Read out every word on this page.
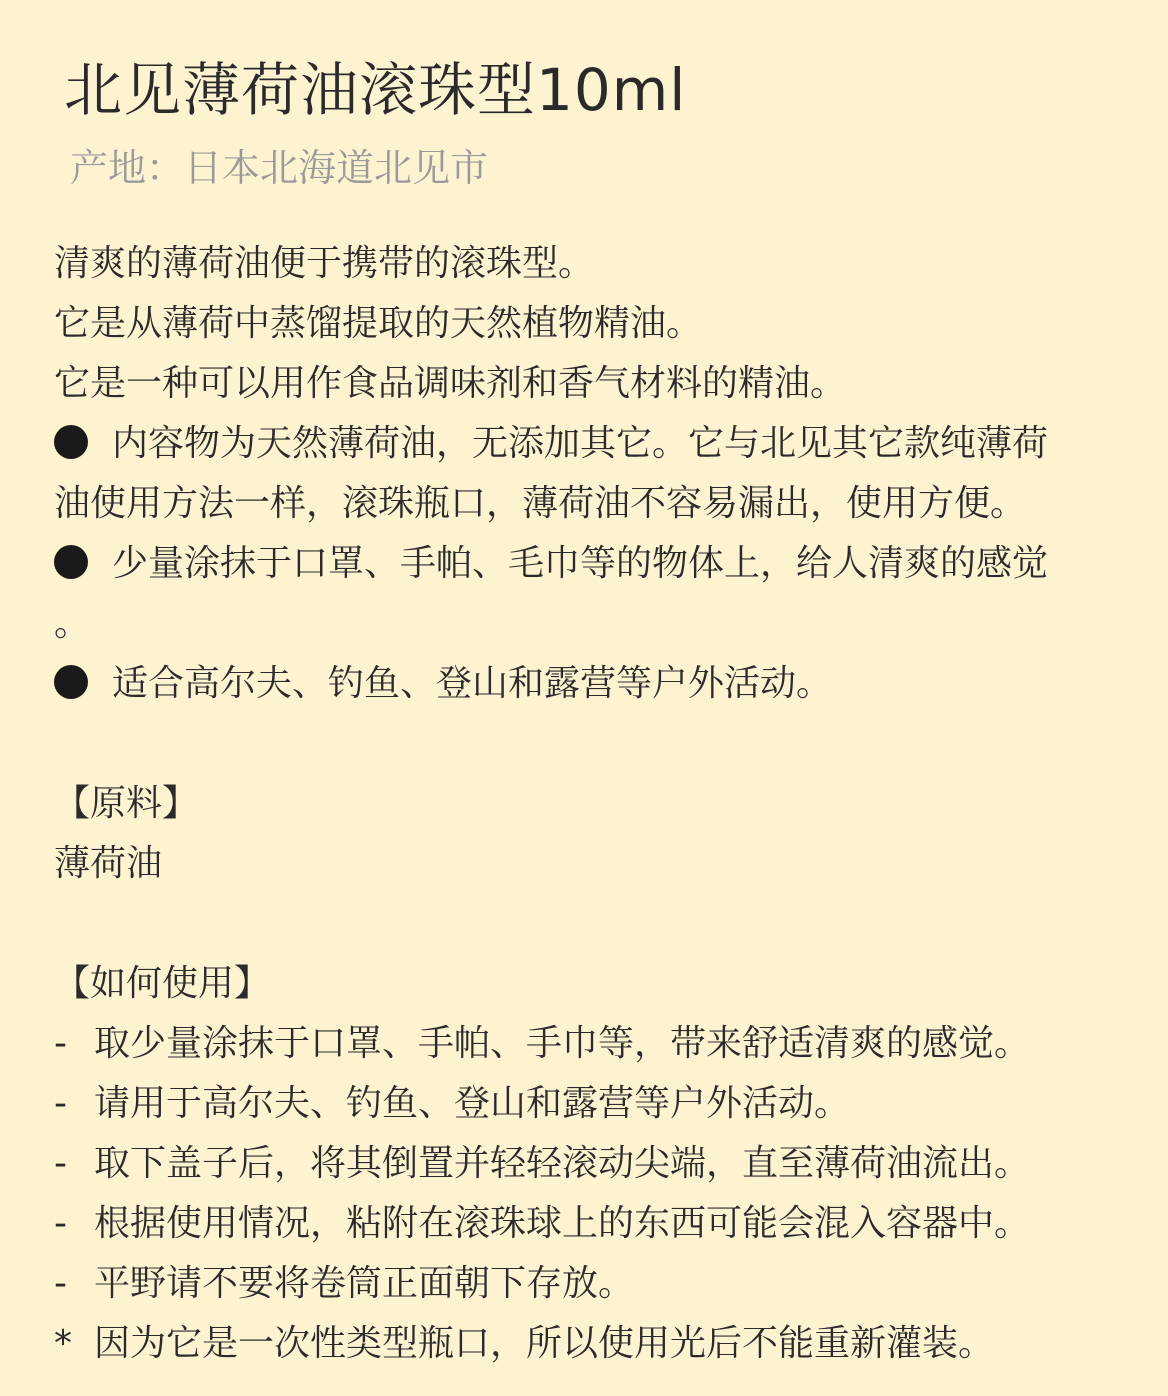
北见薄荷油滚珠型10ml
产地：日本北海道北见市
清爽的薄荷油便于携带的滚珠型。
它是从薄荷中蒸馏提取的天然植物精油。
它是一种可以用作食品调味剂和香气材料的精油。
内容物为天然薄荷油，无添加其它。它与北见其它款纯薄荷
油使用方法一样，滚珠瓶口，薄荷油不容易漏出，使用方便。
少量涂抹于口罩、手帕、毛巾等的物体上，给人清爽的感觉
。
适合高尔夫、钓鱼、登山和露营等户外活动。
【原料】
薄荷油
【如何使用】
- 取少量涂抹于口罩、手帕、手巾等，带来舒适清爽的感觉。
- 请用于高尔夫、钓鱼、登山和露营等户外活动。
- 取下盖子后，将其倒置并轻轻滚动尖端，直至薄荷油流出。
- 根据使用情况，粘附在滚珠球上的东西可能会混入容器中。
- 平野请不要将卷筒正面朝下存放。
* 因为它是一次性类型瓶口，所以使用光后不能重新灌装。
